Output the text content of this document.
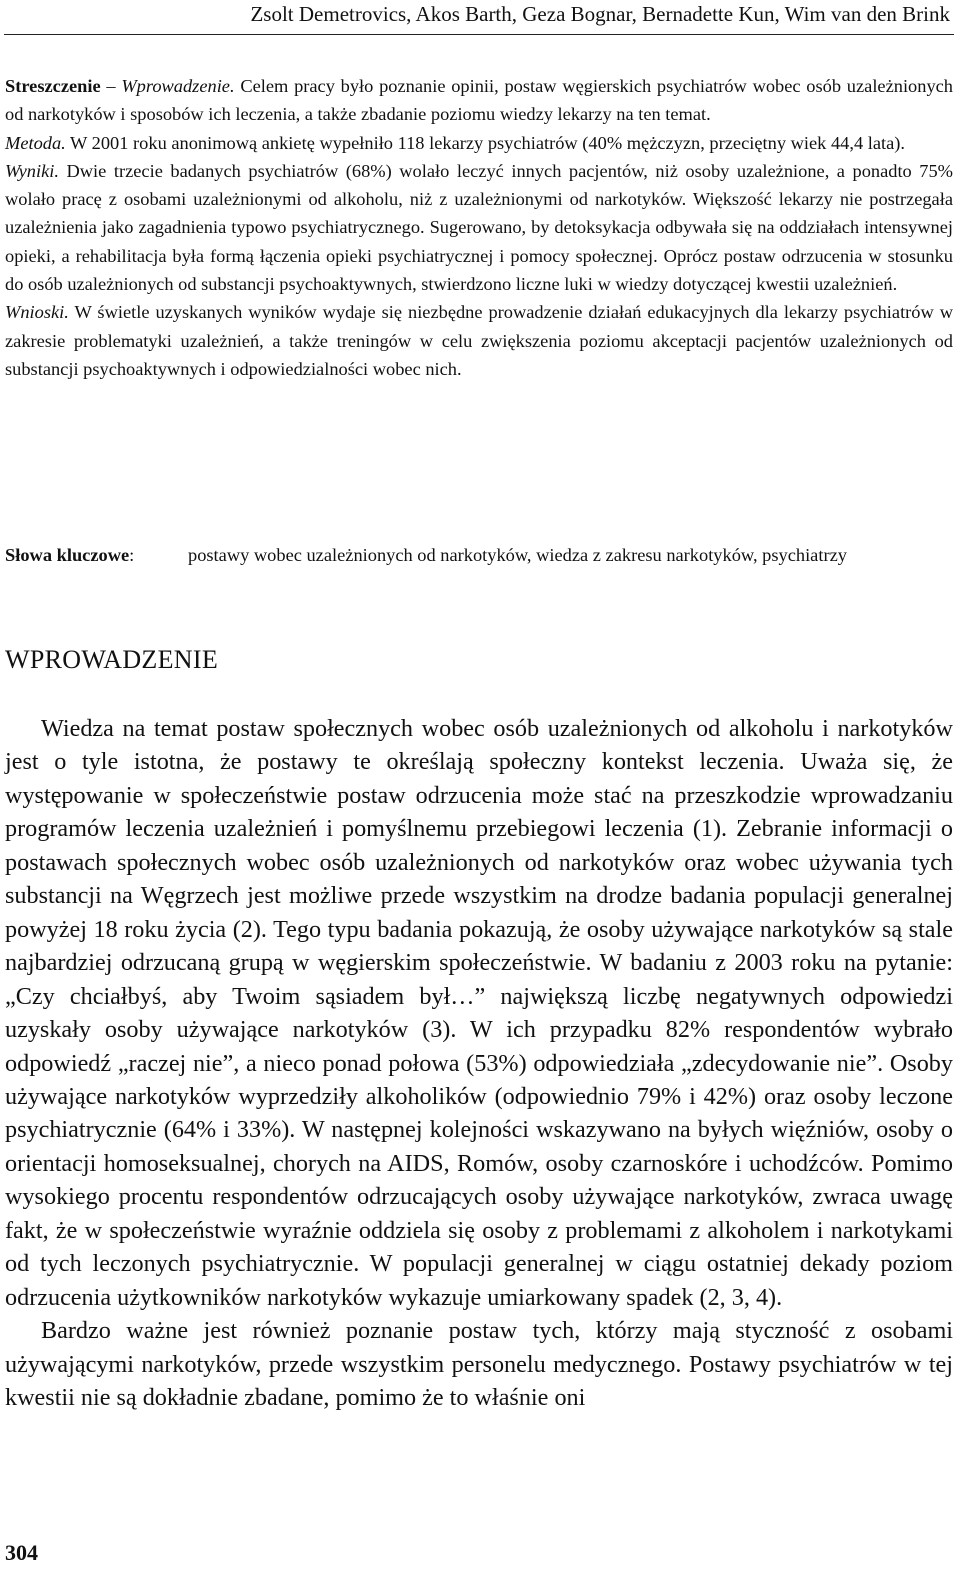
Zsolt Demetrovics, Akos Barth, Geza Bognar, Bernadette Kun, Wim van den Brink

Streszczenie – Wprowadzenie. Celem pracy było poznanie opinii, postaw węgierskich psychiatrów wobec osób uzależnionych od narkotyków i sposobów ich leczenia, a także zbadanie poziomu wiedzy lekarzy na ten temat.

Metoda. W 2001 roku anonimową ankietę wypełniło 118 lekarzy psychiatrów (40% mężczyzn, przeciętny wiek 44,4 lata).

Wyniki. Dwie trzecie badanych psychiatrów (68%) wolało leczyć innych pacjentów, niż osoby uzależnione, a ponadto 75% wolało pracę z osobami uzależnionymi od alkoholu, niż z uzależnionymi od narkotyków. Większość lekarzy nie postrzegała uzależnienia jako zagadnienia typowo psychiatrycznego. Sugerowano, by detoksykacja odbywała się na oddziałach intensywnej opieki, a rehabilitacja była formą łączenia opieki psychiatrycznej i pomocy społecznej. Oprócz postaw odrzucenia w stosunku do osób uzależnionych od substancji psychoaktywnych, stwierdzono liczne luki w wiedzy dotyczącej kwestii uzależnień.

Wnioski. W świetle uzyskanych wyników wydaje się niezbędne prowadzenie działań edukacyjnych dla lekarzy psychiatrów w zakresie problematyki uzależnień, a także treningów w celu zwiększenia poziomu akceptacji pacjentów uzależnionych od substancji psychoaktywnych i odpowiedzialności wobec nich.

Słowa kluczowe:	postawy wobec uzależnionych od narkotyków, wiedza z zakresu narkotyków, psychiatrzy
WPROWADZENIE

Wiedza na temat postaw społecznych wobec osób uzależnionych od alkoholu i narkotyków jest o tyle istotna, że postawy te określają społeczny kontekst leczenia. Uważa się, że występowanie w społeczeństwie postaw odrzucenia może stać na przeszkodzie wprowadzaniu programów leczenia uzależnień i pomyślnemu przebiegowi leczenia (1). Zebranie informacji o postawach społecznych wobec osób uzależnionych od narkotyków oraz wobec używania tych substancji na Węgrzech jest możliwe przede wszystkim na drodze badania populacji generalnej powyżej 18 roku życia (2). Tego typu badania pokazują, że osoby używające narkotyków są stale najbardziej odrzucaną grupą w węgierskim społeczeństwie. W badaniu z 2003 roku na pytanie: „Czy chciałbyś, aby Twoim sąsiadem był…” największą liczbę negatywnych odpowiedzi uzyskały osoby używające narkotyków (3). W ich przypadku 82% respondentów wybrało odpowiedź „raczej nie”, a nieco ponad połowa (53%) odpowiedziała „zdecydowanie nie”. Osoby używające narkotyków wyprzedziły alkoholików (odpowiednio 79% i 42%) oraz osoby leczone psychiatrycznie (64% i 33%). W następnej kolejności wskazywano na byłych więźniów, osoby o orientacji homoseksualnej, chorych na AIDS, Romów, osoby czarnoskóre i uchodźców. Pomimo wysokiego procentu respondentów odrzucających osoby używające narkotyków, zwraca uwagę fakt, że w społeczeństwie wyraźnie oddziela się osoby z problemami z alkoholem i narkotykami od tych leczonych psychiatrycznie. W populacji generalnej w ciągu ostatniej dekady poziom odrzucenia użytkowników narkotyków wykazuje umiarkowany spadek (2, 3, 4).

Bardzo ważne jest również poznanie postaw tych, którzy mają styczność z osobami używającymi narkotyków, przede wszystkim personelu medycznego. Postawy psychiatrów w tej kwestii nie są dokładnie zbadane, pomimo że to właśnie oni

304
